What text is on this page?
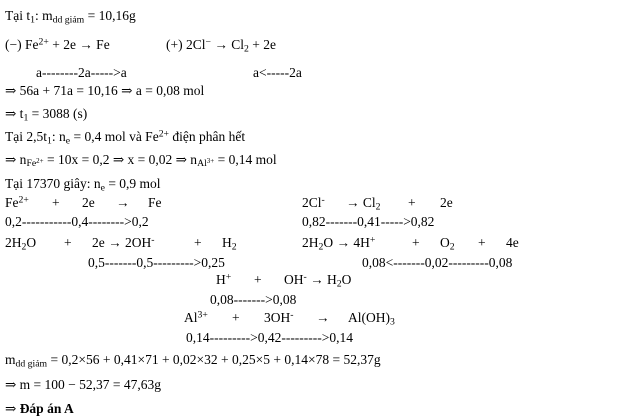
Tại $t_1$: $m_{dd giảm} = 10,16g$
(−) $Fe^{2+} + 2e \to Fe$	(+) $2Cl^- \to Cl_2 + 2e$
a--------2a----->a	a<-----2a
⇒ 56a + 71a = 10,16 ⇒ a = 0,08 mol
⇒ $t_1 = 3088$ (s)
Tại $2,5t_1$: $n_e = 0,4$ mol và $Fe^{2+}$ điện phân hết
⇒ $n_{Fe^{2+}} = 10x = 0,2$ ⇒ x = 0,02 ⇒ $n_{Al^{3+}} = 0,14$ mol
Tại 17370 giây: $n_e = 0,9$ mol
$Fe^{2+} + 2e \to Fe$	$2Cl^- \to Cl_2 + 2e$
0,2-----------0,4-------->0,2	0,82-------0,41----->0,82
$2H_2O + 2e \to 2OH^-$	+ $H_2$	$2H_2O \to 4H^+$	+ $O_2 + 4e$
0,5-------0,5--------->0,25	0,08<-------0,02---------0,08
$H^+ + OH^- \to H_2O$
0,08------->0,08
$Al^{3+} + 3OH^- \to Al(OH)_3$
0,14--------->0,42--------->0,14
$m_{dd giảm} = 0,2\times 56 + 0,41\times 71 + 0,02\times 32 + 0,25\times 5 + 0,14\times 78 = 52,37g$
⇒ m = 100 − 52,37 = 47,63g
⇒ Đáp án A
